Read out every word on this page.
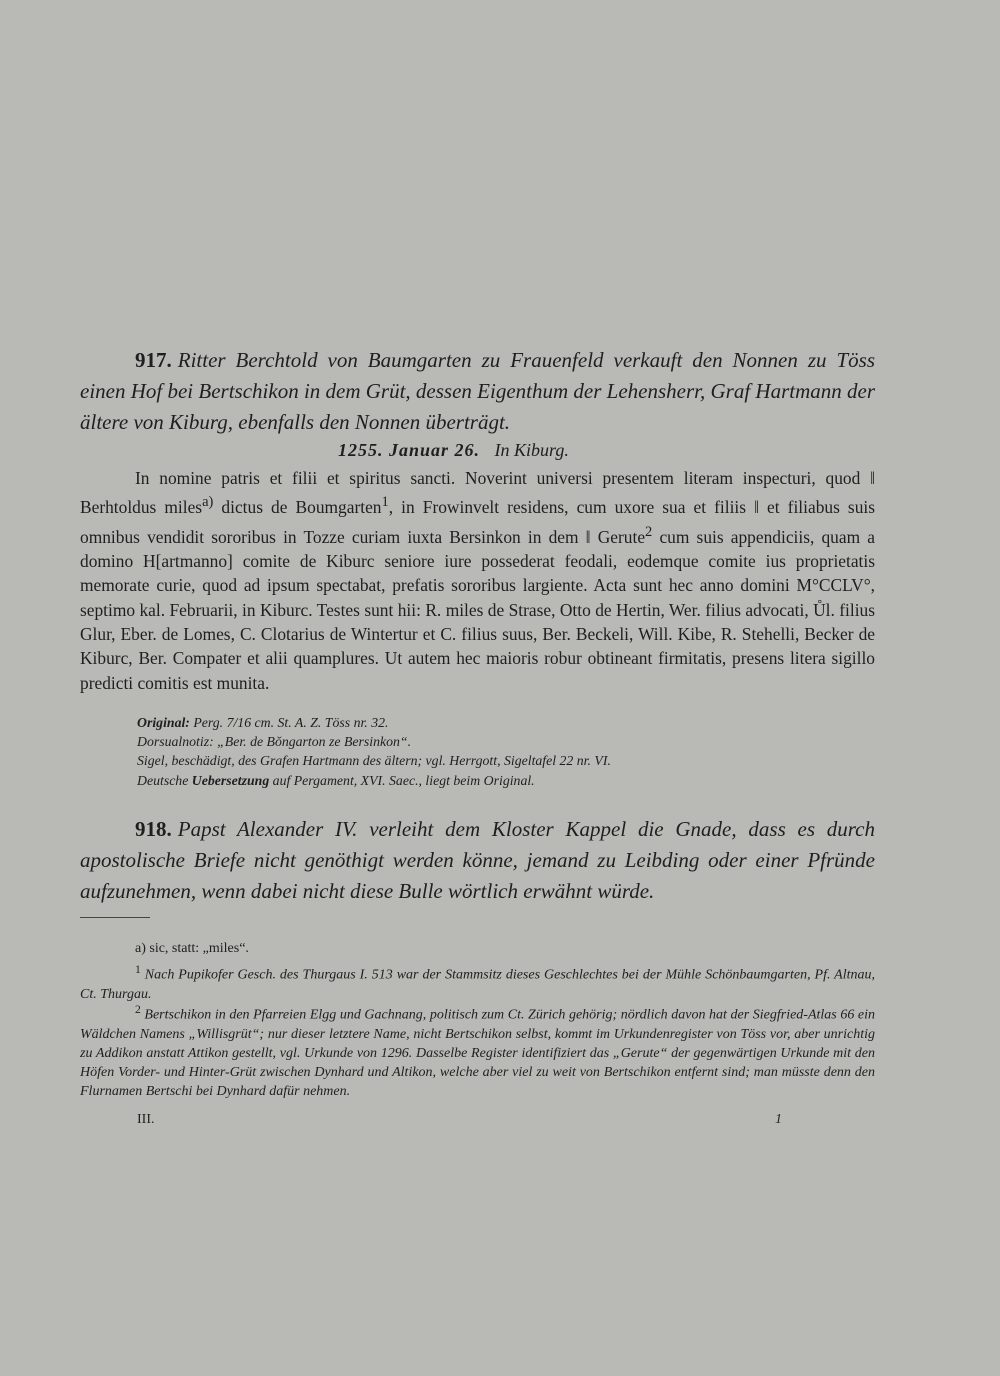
917. Ritter Berchtold von Baumgarten zu Frauenfeld verkauft den Nonnen zu Töss einen Hof bei Bertschikon in dem Grüt, dessen Eigenthum der Lehensherr, Graf Hartmann der ältere von Kiburg, ebenfalls den Nonnen überträgt.
1255. Januar 26. In Kiburg.
In nomine patris et filii et spiritus sancti. Noverint universi presentem literam inspecturi, quod ‖ Berhtoldus miles$^{a)}$ dictus de Boumgarten$^1$, in Frowinvelt residens, cum uxore sua et filiis ‖ et filiabus suis omnibus vendidit sororibus in Tozze curiam iuxta Bersinkon in dem ‖ Gerute$^2$ cum suis appendiciis, quam a domino H[artmanno] comite de Kiburc seniore iure possederat feodali, eodemque comite ius proprietatis memorate curie, quod ad ipsum spectabat, prefatis sororibus largiente. Acta sunt hec anno domini M°CCLV°, septimo kal. Februarii, in Kiburc. Testes sunt hii: R. miles de Strase, Otto de Hertin, Wer. filius advocati, Ůl. filius Glur, Eber. de Lomes, C. Clotarius de Wintertur et C. filius suus, Ber. Beckeli, Will. Kibe, R. Stehelli, Becker de Kiburc, Ber. Compater et alii quamplures. Ut autem hec maioris robur obtineant firmitatis, presens litera sigillo predicti comitis est munita.
Original: Perg. 7/16 cm. St. A. Z. Töss nr. 32.
Dorsualnotiz: „Ber. de Bŏngarton ze Bersinkon“.
Sigel, beschädigt, des Grafen Hartmann des ältern; vgl. Herrgott, Sigeltafel 22 nr. VI.
Deutsche Uebersetzung auf Pergament, XVI. Saec., liegt beim Original.
918. Papst Alexander IV. verleiht dem Kloster Kappel die Gnade, dass es durch apostolische Briefe nicht genöthigt werden könne, jemand zu Leibding oder einer Pfründe aufzunehmen, wenn dabei nicht diese Bulle wörtlich erwähnt würde.
a) sic, statt: „miles“.
$^1$ Nach Pupikofer Gesch. des Thurgaus I. 513 war der Stammsitz dieses Geschlechtes bei der Mühle Schönbaumgarten, Pf. Altnau, Ct. Thurgau.
$^2$ Bertschikon in den Pfarreien Elgg und Gachnang, politisch zum Ct. Zürich gehörig; nördlich davon hat der Siegfried-Atlas 66 ein Wäldchen Namens „Willisgrüt“; nur dieser letztere Name, nicht Bertschikon selbst, kommt im Urkundenregister von Töss vor, aber unrichtig zu Addikon anstatt Attikon gestellt, vgl. Urkunde von 1296. Dasselbe Register identifiziert das „Gerute“ der gegenwärtigen Urkunde mit den Höfen Vorder- und Hinter-Grüt zwischen Dynhard und Altikon, welche aber viel zu weit von Bertschikon entfernt sind; man müsste denn den Flurnamen Bertschi bei Dynhard dafür nehmen.
III.	1
